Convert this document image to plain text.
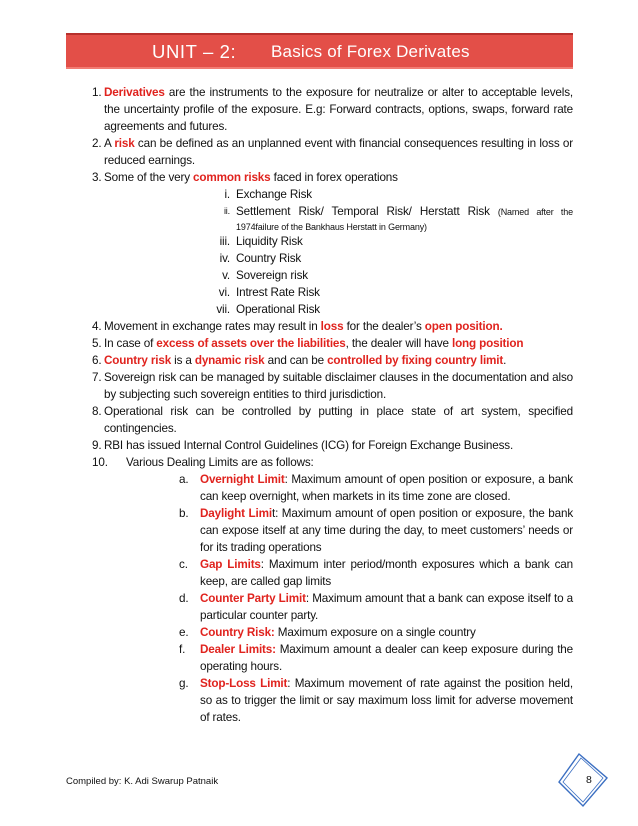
UNIT – 2: Basics of Forex Derivates
1. Derivatives are the instruments to the exposure for neutralize or alter to acceptable levels, the uncertainty profile of the exposure. E.g: Forward contracts, options, swaps, forward rate agreements and futures.
2. A risk can be defined as an unplanned event with financial consequences resulting in loss or reduced earnings.
3. Some of the very common risks faced in forex operations
i. Exchange Risk
ii. Settlement Risk/ Temporal Risk/ Herstatt Risk (Named after the
1974failure of the Bankhaus Herstatt in Germany)
iii. Liquidity Risk
iv. Country Risk
v. Sovereign risk
vi. Intrest Rate Risk
vii. Operational Risk
4. Movement in exchange rates may result in loss for the dealer’s open position.
5. In case of excess of assets over the liabilities, the dealer will have long position
6. Country risk is a dynamic risk and can be controlled by fixing country limit.
7. Sovereign risk can be managed by suitable disclaimer clauses in the documentation and also by subjecting such sovereign entities to third jurisdiction.
8. Operational risk can be controlled by putting in place state of art system, specified contingencies.
9. RBI has issued Internal Control Guidelines (ICG) for Foreign Exchange Business.
10. Various Dealing Limits are as follows:
a. Overnight Limit: Maximum amount of open position or exposure, a bank can keep overnight, when markets in its time zone are closed.
b. Daylight Limit: Maximum amount of open position or exposure, the bank can expose itself at any time during the day, to meet customers’ needs or for its trading operations
c. Gap Limits: Maximum inter period/month exposures which a bank can keep, are called gap limits
d. Counter Party Limit: Maximum amount that a bank can expose itself to a particular counter party.
e. Country Risk: Maximum exposure on a single country
f. Dealer Limits: Maximum amount a dealer can keep exposure during the operating hours.
g. Stop-Loss Limit: Maximum movement of rate against the position held, so as to trigger the limit or say maximum loss limit for adverse movement of rates.
Compiled by: K. Adi Swarup Patnaik	8
